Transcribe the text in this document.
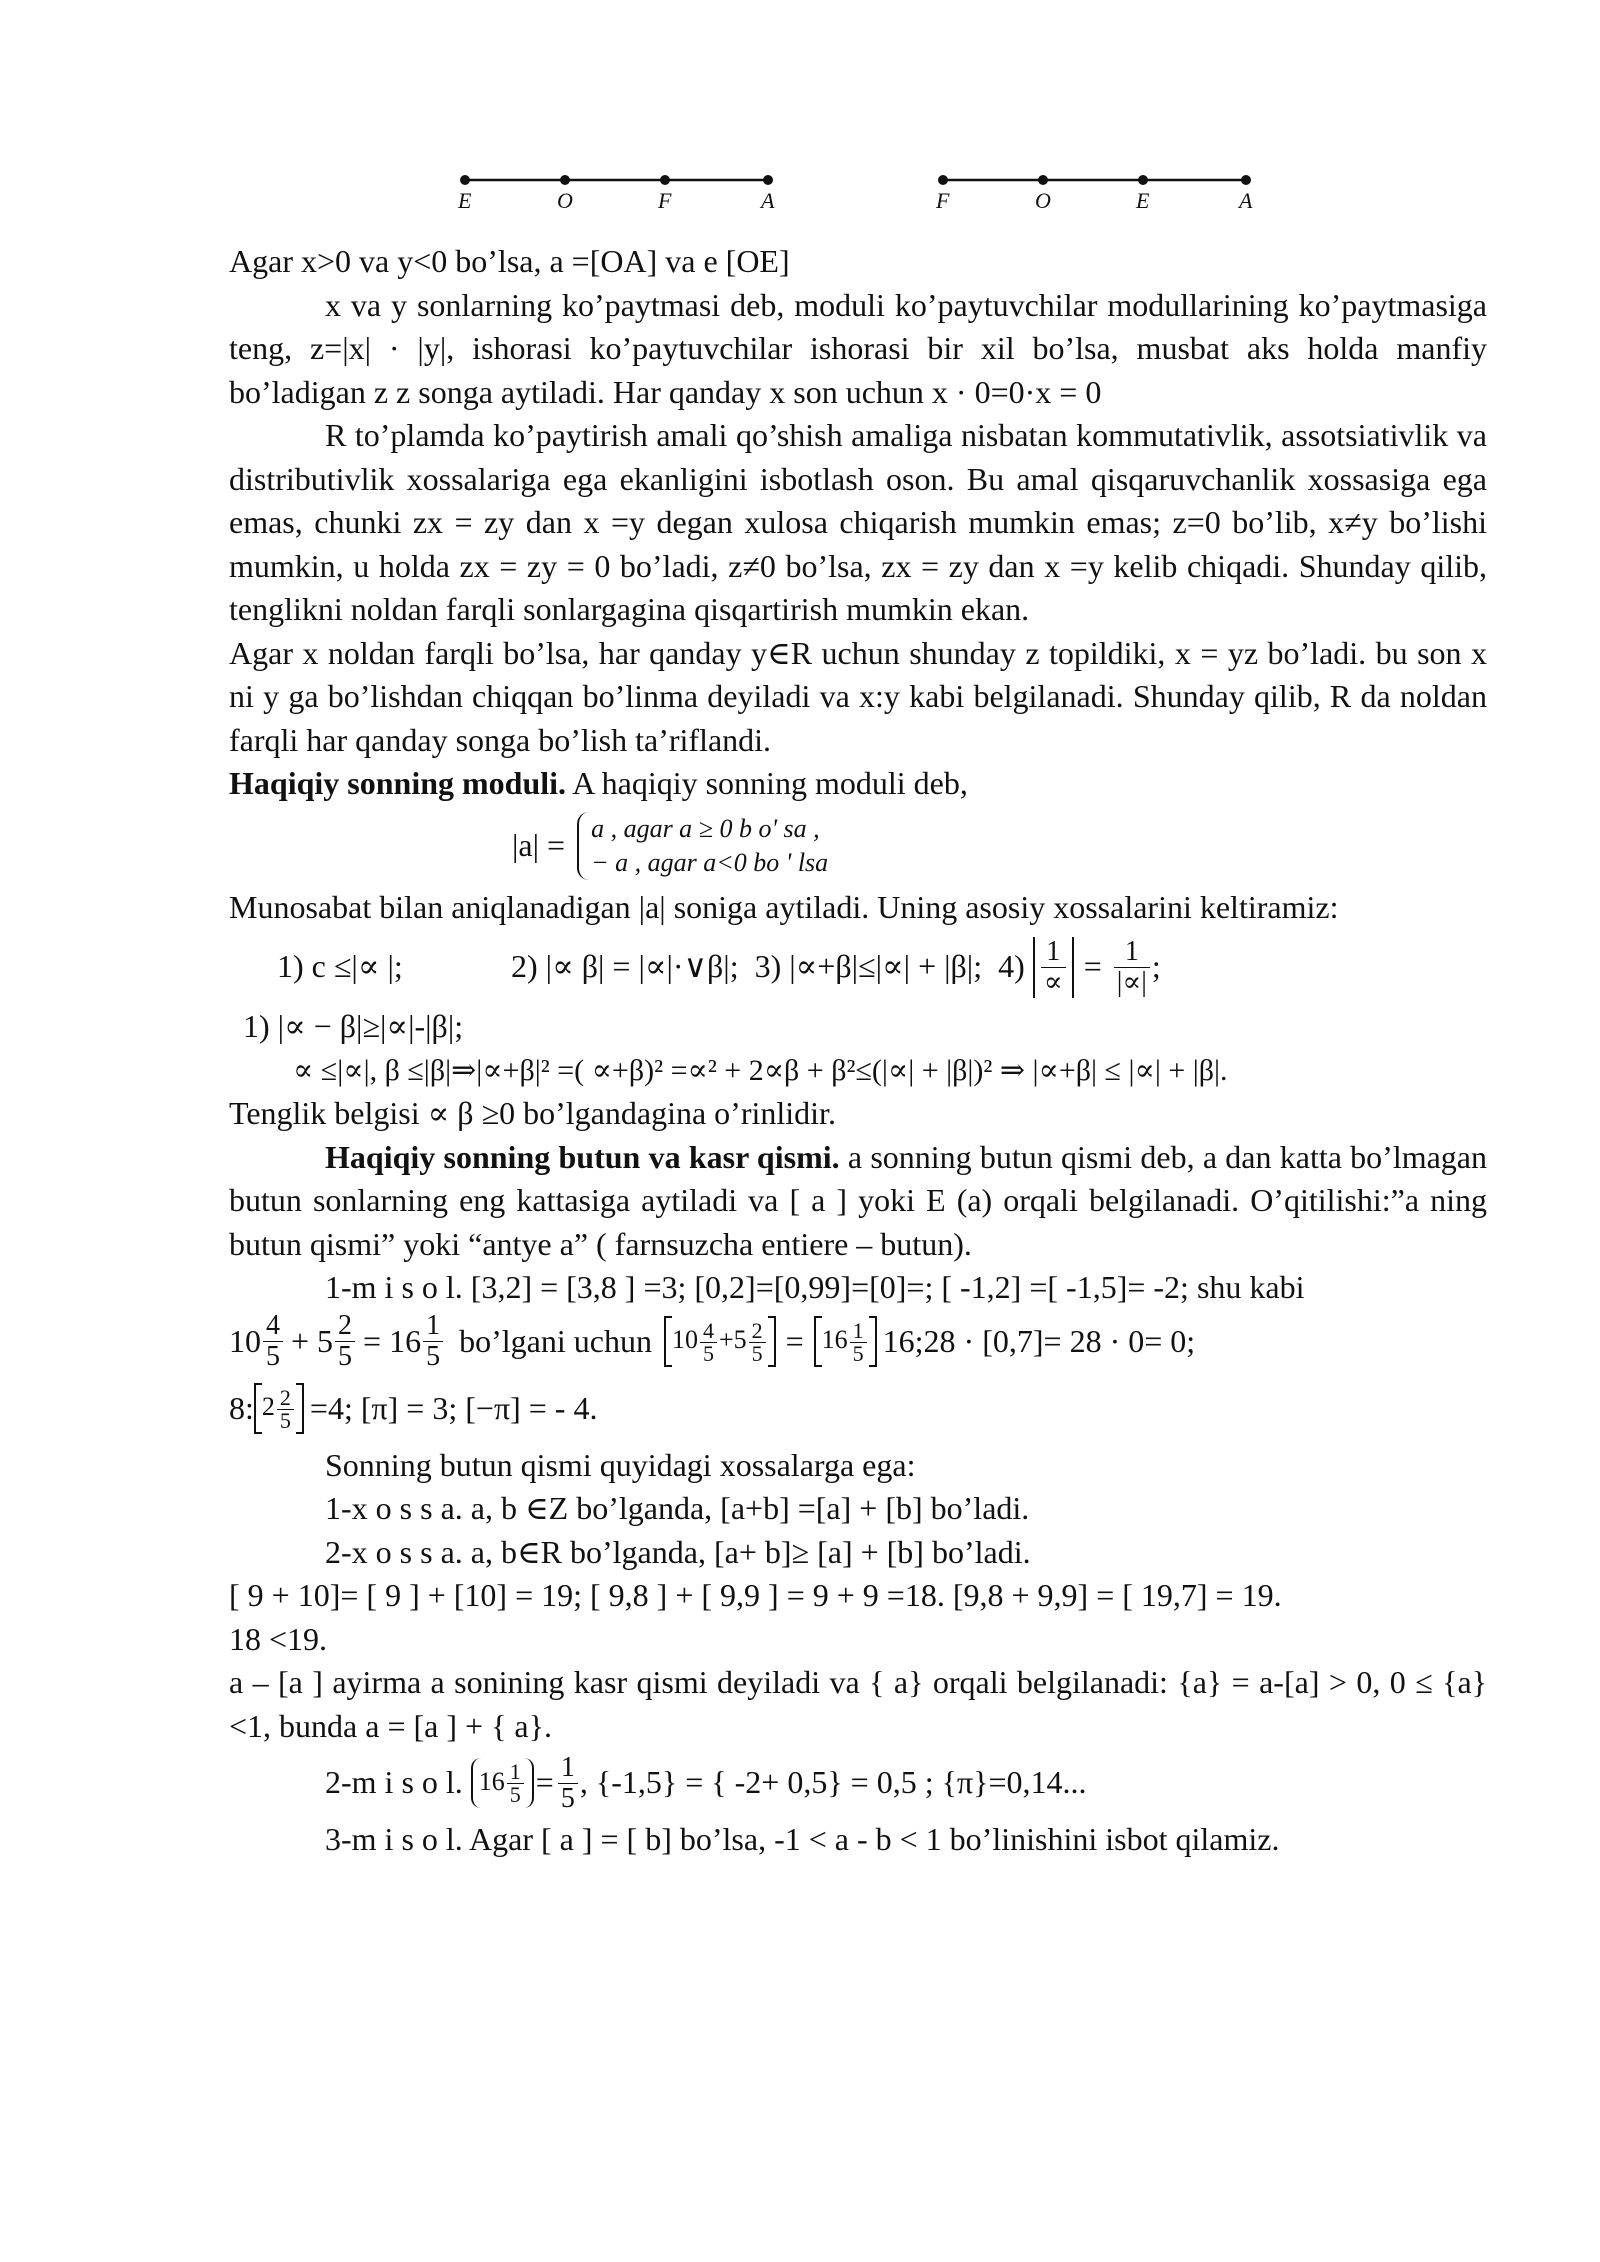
E	O	F	A	F	O	E	A

Agar x>0 va y<0 bo’lsa, a =[OA] va e [OE]

x va y sonlarning ko’paytmasi deb, moduli ko’paytuvchilar modullarining ko’paytmasiga teng, z=|x| · |y|, ishorasi ko’paytuvchilar ishorasi bir xil bo’lsa, musbat aks holda manfiy bo’ladigan z z songa aytiladi. Har qanday x son uchun x · 0=0·x = 0

R to’plamda ko’paytirish amali qo’shish amaliga nisbatan kommutativlik, assotsiativlik va distributivlik xossalariga ega ekanligini isbotlash oson. Bu amal qisqaruvchanlik xossasiga ega emas, chunki zx = zy dan x =y degan xulosa chiqarish mumkin emas; z=0 bo’lib, x≠y bo’lishi mumkin, u holda zx = zy = 0 bo’ladi, z≠0 bo’lsa, zx = zy dan x =y kelib chiqadi. Shunday qilib, tenglikni noldan farqli sonlargagina qisqartirish mumkin ekan.

Agar x noldan farqli bo’lsa, har qanday y∈R uchun shunday z topildiki, x = yz bo’ladi. bu son x ni y ga bo’lishdan chiqqan bo’linma deyiladi va x:y kabi belgilanadi. Shunday qilib, R da noldan farqli har qanday songa bo’lish ta’riflandi.

Haqiqiy sonning moduli. A haqiqiy sonning moduli deb,

|a| = a , agar a ≥ 0 b o' sa ,
− a , agar a<0 bo ' lsa

Munosabat bilan aniqlanadigan |a| soniga aytiladi. Uning asosiy xossalarini keltiramiz:

1) c ≤|∝ |;	2) |∝ β| = |∝|·∨β|; 3) |∝+β|≤|∝| + |β|; $4) \frac{1}{\propto} = \frac{1}{|\propto|}$ ;

1) |∝ − β|≥|∝|-|β|;

∝ ≤|∝|, β ≤|β|⇒|∝+β|² =( ∝+β)² =∝² + 2∝β + β²≤(|∝| + |β|)² ⇒ |∝+β| ≤ |∝| + |β|.

Tenglik belgisi ∝ β ≥0 bo’lgandagina o’rinlidir.

Haqiqiy sonning butun va kasr qismi. a sonning butun qismi deb, a dan katta bo’lmagan butun sonlarning eng kattasiga aytiladi va [ a ] yoki E (a) orqali belgilanadi. O’qitilishi:”a ning butun qismi” yoki “antye a” ( farnsuzcha entiere – butun).

1-m i s o l. [3,2] = [3,8 ] =3; [0,2]=[0,99]=[0]=; [ -1,2] =[ -1,5]= -2; shu kabi

$10 \frac{4}{5} + 5 \frac{2}{5} = 16 \frac{1}{5}$ bo’lgani uchun $10 \frac{4}{5} +5 \frac{2}{5} = 16 \frac{1}{5}$ 16;28 · [0,7]= 28 · 0= 0;
8: $2 \frac{2}{5} =4$; [π] = 3; [−π] = - 4.

Sonning butun qismi quyidagi xossalarga ega:

1-x o s s a. a, b ∈Z bo’lganda, [a+b] =[a] + [b] bo’ladi.

2-x o s s a. a, b∈R bo’lganda, [a+ b]≥ [a] + [b] bo’ladi.

[ 9 + 10]= [ 9 ] + [10] = 19; [ 9,8 ] + [ 9,9 ] = 9 + 9 =18. [9,8 + 9,9] = [ 19,7] = 19.

18 <19.

a – [a ] ayirma a sonining kasr qismi deyiladi va { a} orqali belgilanadi: {a} = a-[a] > 0, 0 ≤ {a} <1, bunda a = [a ] + { a}.

2-m i s o l. $16 \frac{1}{5} = \frac{1}{5}$ , {-1,5} = { -2+ 0,5} = 0,5 ; {π}=0,14...

3-m i s o l. Agar [ a ] = [ b] bo’lsa, -1 < a - b < 1 bo’linishini isbot qilamiz.
